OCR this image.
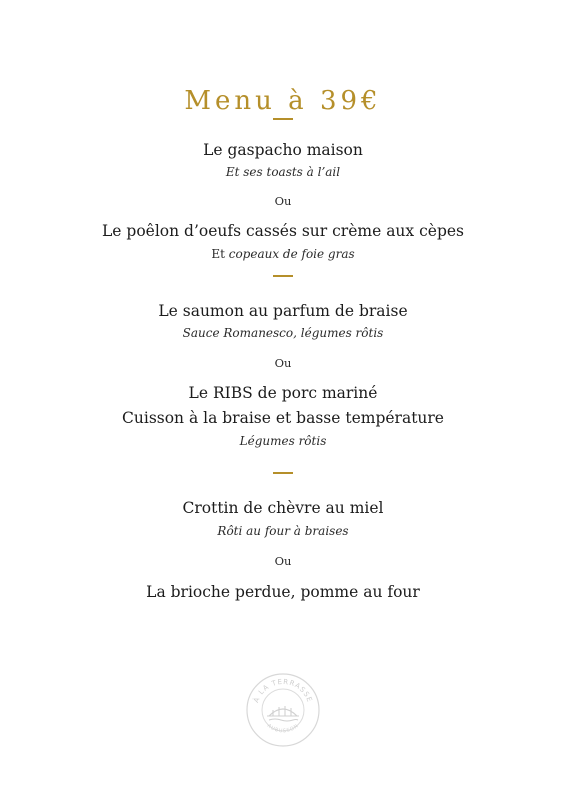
Menu à 39€
Le gaspacho maison
Et ses toasts à l’ail
Ou
Le poêlon d’oeufs cassés sur crème aux cèpes
Et copeaux de foie gras
Le saumon au parfum de braise
Sauce Romanesco, légumes rôtis
Ou
Le RIBS de porc mariné
Cuisson à la braise et basse température
Légumes rôtis
Crottin de chèvre au miel
Rôti au four à braises
Ou
La brioche perdue, pomme au four
À LA TERRASSE
AUBUSSON
